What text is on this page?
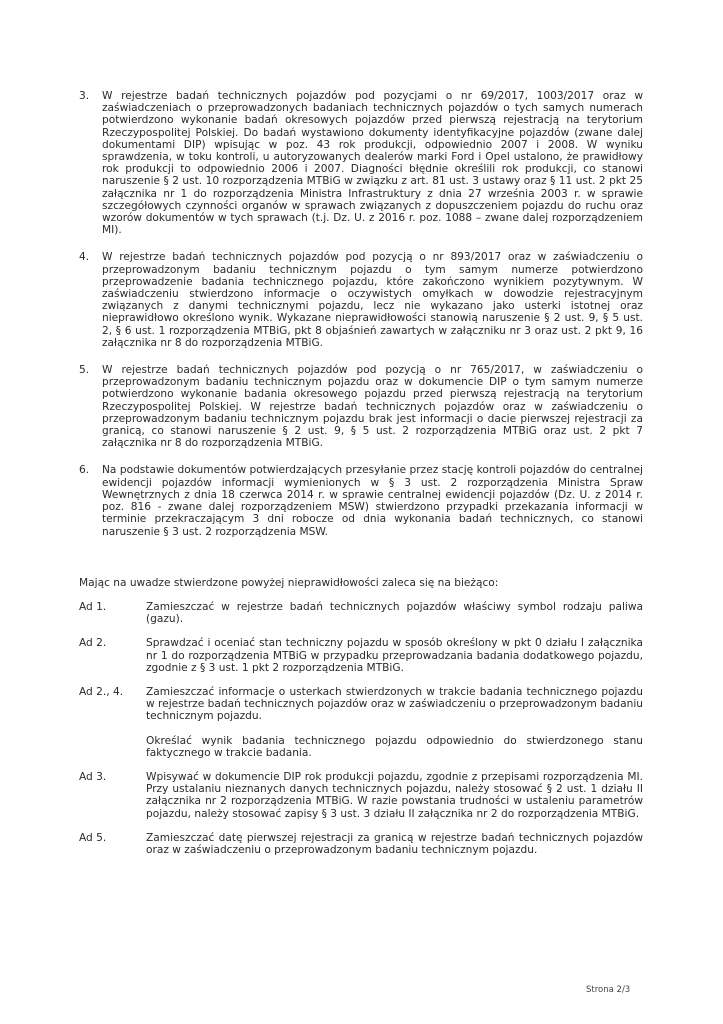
3.	W rejestrze badań technicznych pojazdów pod pozycjami o nr 69/2017, 1003/2017 oraz w zaświadczeniach o przeprowadzonych badaniach technicznych pojazdów o tych samych numerach potwierdzono wykonanie badań okresowych pojazdów przed pierwszą rejestracją na terytorium Rzeczypospolitej Polskiej. Do badań wystawiono dokumenty identyfikacyjne pojazdów (zwane dalej dokumentami DIP) wpisując w poz. 43 rok produkcji, odpowiednio 2007 i 2008. W wyniku sprawdzenia, w toku kontroli, u autoryzowanych dealerów marki Ford i Opel ustalono, że prawidłowy rok produkcji to odpowiednio 2006 i 2007. Diagności błędnie określili rok produkcji, co stanowi naruszenie § 2 ust. 10 rozporządzenia MTBiG w związku z art. 81 ust. 3 ustawy oraz § 11 ust. 2 pkt 25 załącznika nr 1 do rozporządzenia Ministra Infrastruktury z dnia 27 września 2003 r. w sprawie szczegółowych czynności organów w sprawach związanych z dopuszczeniem pojazdu do ruchu oraz wzorów dokumentów w tych sprawach (t.j. Dz. U. z 2016 r. poz. 1088 – zwane dalej rozporządzeniem MI).
4.	W rejestrze badań technicznych pojazdów pod pozycją o nr 893/2017 oraz w zaświadczeniu o przeprowadzonym badaniu technicznym pojazdu o tym samym numerze potwierdzono przeprowadzenie badania technicznego pojazdu, które zakończono wynikiem pozytywnym. W zaświadczeniu stwierdzono informacje o oczywistych omyłkach w dowodzie rejestracyjnym związanych z danymi technicznymi pojazdu, lecz nie wykazano jako usterki istotnej oraz nieprawidłowo określono wynik. Wykazane nieprawidłowości stanowią naruszenie § 2 ust. 9, § 5 ust. 2, § 6 ust. 1 rozporządzenia MTBiG, pkt 8 objaśnień zawartych w załączniku nr 3 oraz ust. 2 pkt 9, 16 załącznika nr 8 do rozporządzenia MTBiG.
5.	W rejestrze badań technicznych pojazdów pod pozycją o nr 765/2017, w zaświadczeniu o przeprowadzonym badaniu technicznym pojazdu oraz w dokumencie DIP o tym samym numerze potwierdzono wykonanie badania okresowego pojazdu przed pierwszą rejestracją na terytorium Rzeczypospolitej Polskiej. W rejestrze badań technicznych pojazdów oraz w zaświadczeniu o przeprowadzonym badaniu technicznym pojazdu brak jest informacji o dacie pierwszej rejestracji za granicą, co stanowi naruszenie § 2 ust. 9, § 5 ust. 2 rozporządzenia MTBiG oraz ust. 2 pkt 7 załącznika nr 8 do rozporządzenia MTBiG.
6.	Na podstawie dokumentów potwierdzających przesyłanie przez stację kontroli pojazdów do centralnej ewidencji pojazdów informacji wymienionych w § 3 ust. 2 rozporządzenia Ministra Spraw Wewnętrznych z dnia 18 czerwca 2014 r. w sprawie centralnej ewidencji pojazdów (Dz. U. z 2014 r. poz. 816 - zwane dalej rozporządzeniem MSW) stwierdzono przypadki przekazania informacji w terminie przekraczającym 3 dni robocze od dnia wykonania badań technicznych, co stanowi naruszenie § 3 ust. 2 rozporządzenia MSW.
Mając na uwadze stwierdzone powyżej nieprawidłowości zaleca się na bieżąco:
Ad 1.	Zamieszczać w rejestrze badań technicznych pojazdów właściwy symbol rodzaju paliwa (gazu).

Ad 2.	Sprawdzać i oceniać stan techniczny pojazdu w sposób określony w pkt 0 działu I załącznika nr 1 do rozporządzenia MTBiG w przypadku przeprowadzania badania dodatkowego pojazdu, zgodnie z § 3 ust. 1 pkt 2 rozporządzenia MTBiG.

Ad 2., 4.	Zamieszczać informacje o usterkach stwierdzonych w trakcie badania technicznego pojazdu w rejestrze badań technicznych pojazdów oraz w zaświadczeniu o przeprowadzonym badaniu technicznym pojazdu.

Określać wynik badania technicznego pojazdu odpowiednio do stwierdzonego stanu faktycznego w trakcie badania.

Ad 3.	Wpisywać w dokumencie DIP rok produkcji pojazdu, zgodnie z przepisami rozporządzenia MI. Przy ustalaniu nieznanych danych technicznych pojazdu, należy stosować § 2 ust. 1 działu II załącznika nr 2 rozporządzenia MTBiG. W razie powstania trudności w ustaleniu parametrów pojazdu, należy stosować zapisy § 3 ust. 3 działu II załącznika nr 2 do rozporządzenia MTBiG.

Ad 5.	Zamieszczać datę pierwszej rejestracji za granicą w rejestrze badań technicznych pojazdów oraz w zaświadczeniu o przeprowadzonym badaniu technicznym pojazdu.

Strona 2/3
